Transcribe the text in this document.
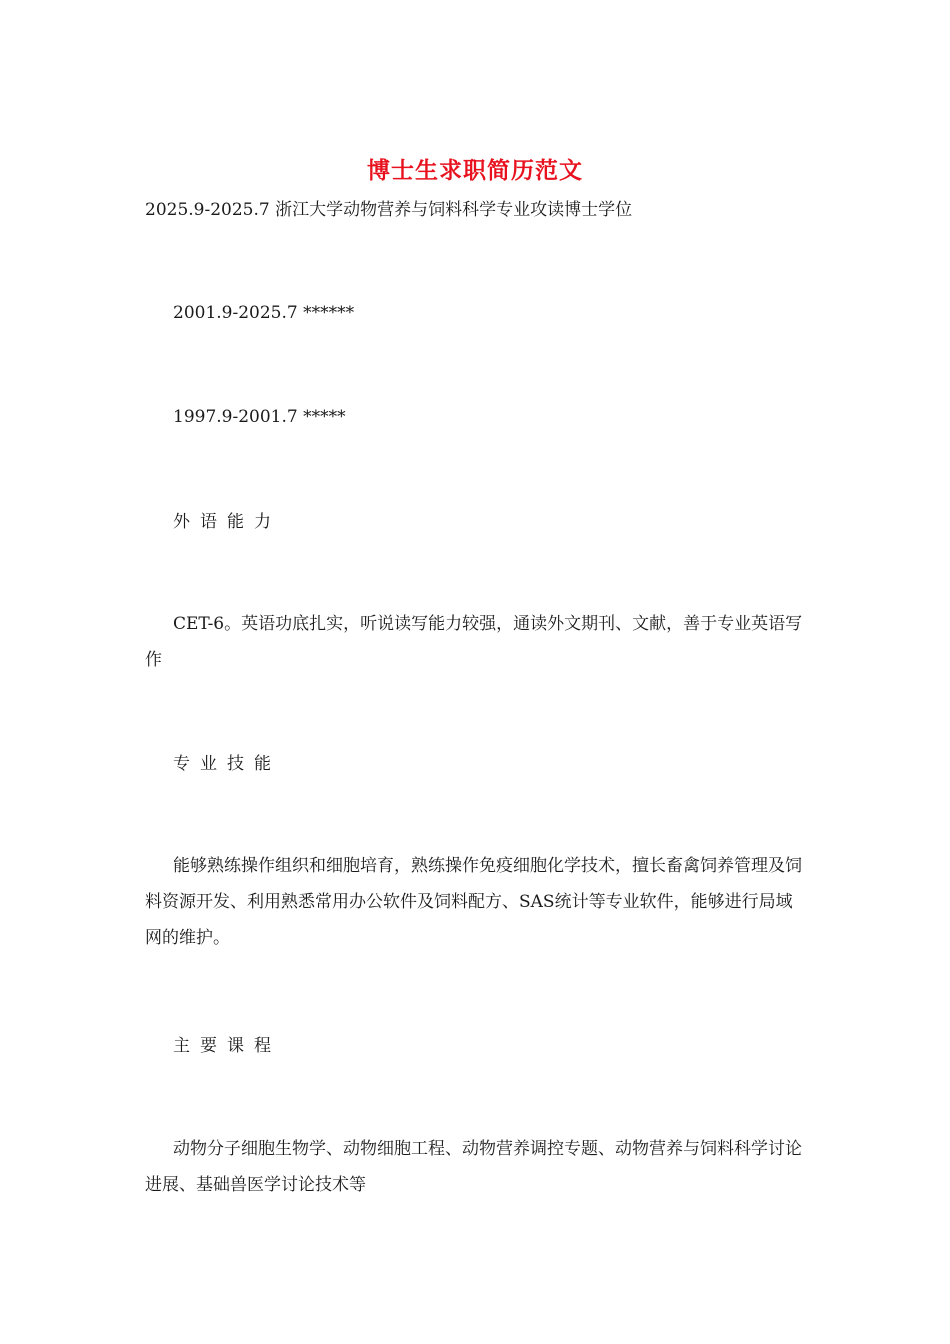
博士生求职简历范文
2025.9-2025.7 浙江大学动物营养与饲料科学专业攻读博士学位
2001.9-2025.7 ******
1997.9-2001.7 *****
外语能力
CET-6。英语功底扎实，听说读写能力较强，通读外文期刊、文献，善于专业英语写作
专业技能
能够熟练操作组织和细胞培育，熟练操作免疫细胞化学技术，擅长畜禽饲养管理及饲料资源开发、利用熟悉常用办公软件及饲料配方、SAS统计等专业软件，能够进行局域网的维护。
主要课程
动物分子细胞生物学、动物细胞工程、动物营养调控专题、动物营养与饲料科学讨论进展、基础兽医学讨论技术等
